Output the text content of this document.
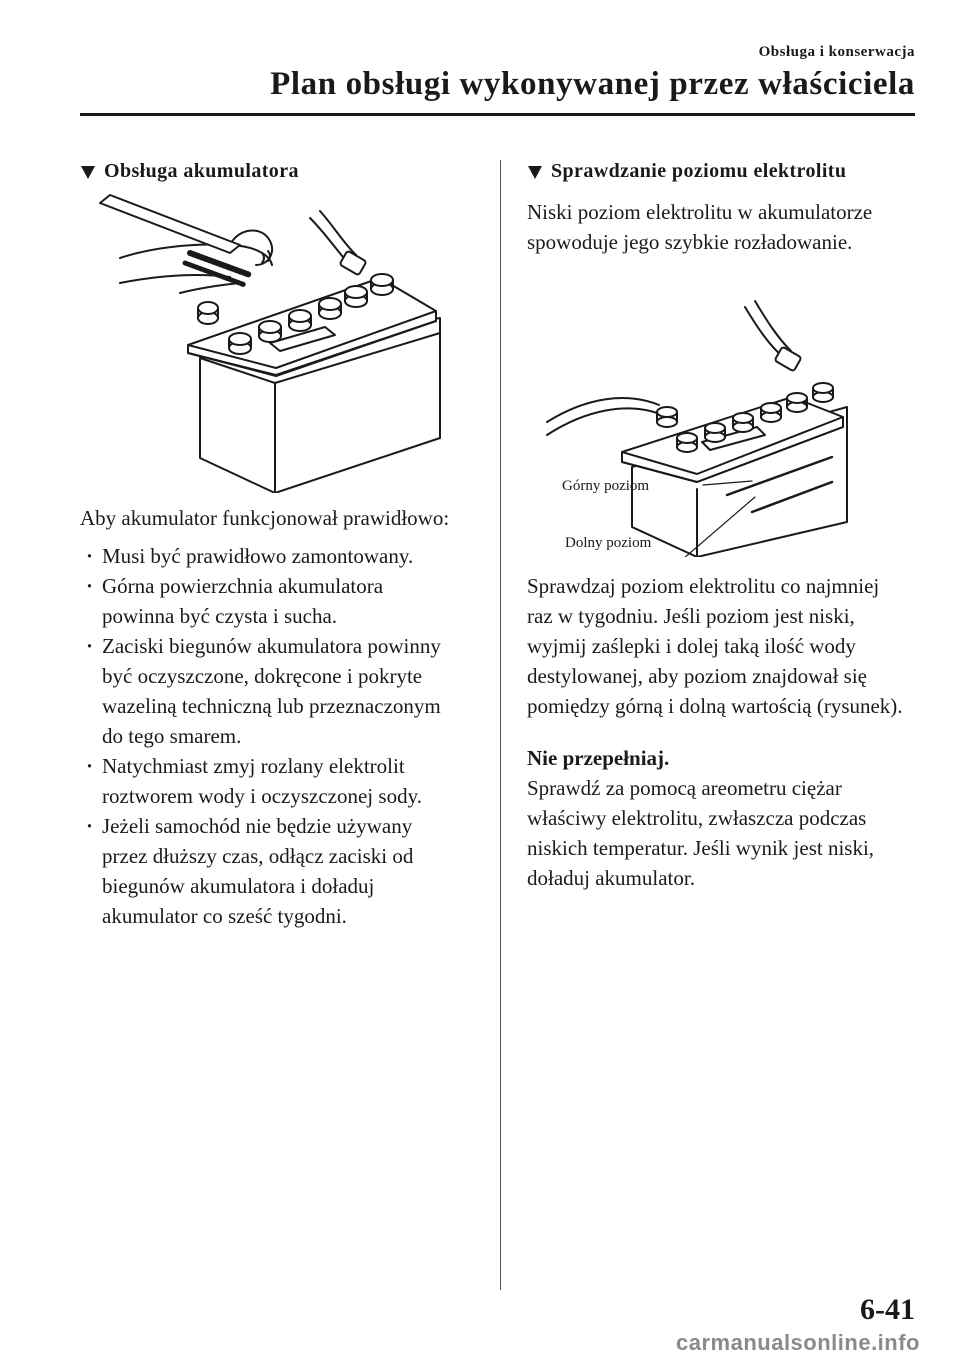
Obsługa i konserwacja
Plan obsługi wykonywanej przez właściciela
Obsługa akumulatora

Aby akumulator funkcjonował prawidłowo:

· Musi być prawidłowo zamontowany.
· Górna powierzchnia akumulatora powinna być czysta i sucha.
· Zaciski biegunów akumulatora powinny być oczyszczone, dokręcone i pokryte wazeliną techniczną lub przeznaczonym do tego smarem.
· Natychmiast zmyj rozlany elektrolit roztworem wody i oczyszczonej sody.
· Jeżeli samochód nie będzie używany przez dłuższy czas, odłącz zaciski od biegunów akumulatora i doładuj akumulator co sześć tygodni.
Sprawdzanie poziomu elektrolitu

Niski poziom elektrolitu w akumulatorze spowoduje jego szybkie rozładowanie.

Górny poziom
Dolny poziom

Sprawdzaj poziom elektrolitu co najmniej raz w tygodniu. Jeśli poziom jest niski, wyjmij zaślepki i dolej taką ilość wody destylowanej, aby poziom znajdował się pomiędzy górną i dolną wartością (rysunek).

Nie przepełniaj.

Sprawdź za pomocą areometru ciężar właściwy elektrolitu, zwłaszcza podczas niskich temperatur. Jeśli wynik jest niski, doładuj akumulator.

6-41
carmanualsonline.info
